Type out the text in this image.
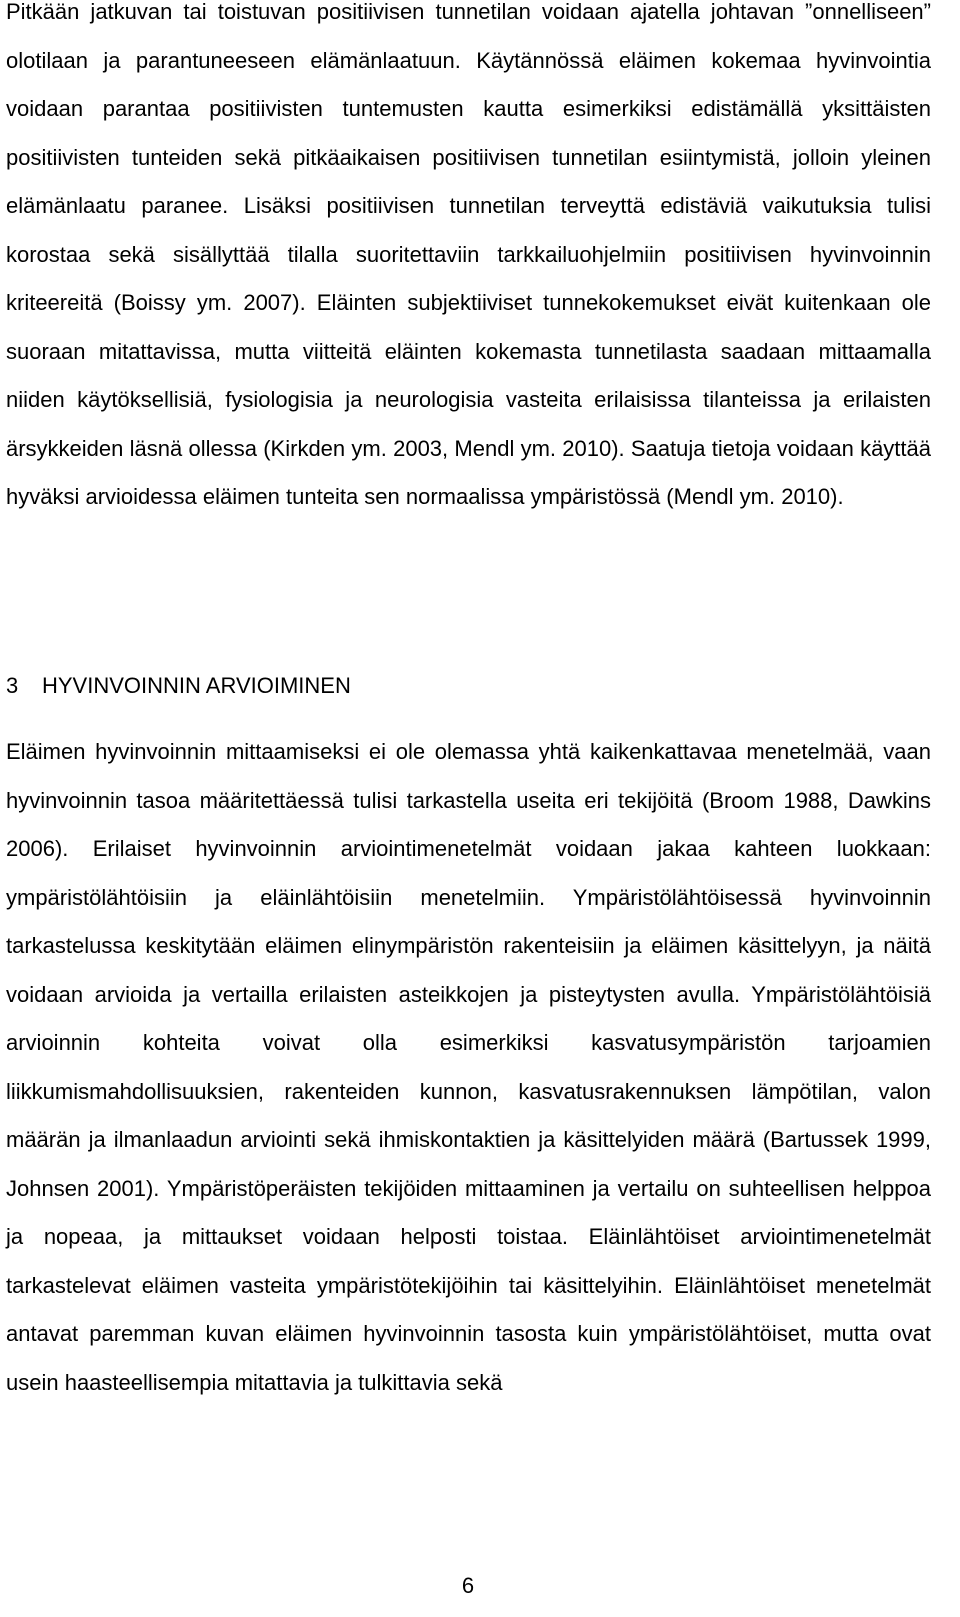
Pitkään jatkuvan tai toistuvan positiivisen tunnetilan voidaan ajatella johtavan ”onnelliseen” olotilaan ja parantuneeseen elämänlaatuun. Käytännössä eläimen kokemaa hyvinvointia voidaan parantaa positiivisten tuntemusten kautta esimerkiksi edistämällä yksittäisten positiivisten tunteiden sekä pitkäaikaisen positiivisen tunnetilan esiintymistä, jolloin yleinen elämänlaatu paranee. Lisäksi positiivisen tunnetilan terveyttä edistäviä vaikutuksia tulisi korostaa sekä sisällyttää tilalla suoritettaviin tarkkailuohjelmiin positiivisen hyvinvoinnin kriteereitä (Boissy ym. 2007). Eläinten subjektiiviset tunnekokemukset eivät kuitenkaan ole suoraan mitattavissa, mutta viitteitä eläinten kokemasta tunnetilasta saadaan mittaamalla niiden käytöksellisiä, fysiologisia ja neurologisia vasteita erilaisissa tilanteissa ja erilaisten ärsykkeiden läsnä ollessa (Kirkden ym. 2003, Mendl ym. 2010). Saatuja tietoja voidaan käyttää hyväksi arvioidessa eläimen tunteita sen normaalissa ympäristössä (Mendl ym. 2010).

3 HYVINVOINNIN ARVIOIMINEN

Eläimen hyvinvoinnin mittaamiseksi ei ole olemassa yhtä kaikenkattavaa menetelmää, vaan hyvinvoinnin tasoa määritettäessä tulisi tarkastella useita eri tekijöitä (Broom 1988, Dawkins 2006). Erilaiset hyvinvoinnin arviointimenetelmät voidaan jakaa kahteen luokkaan: ympäristölähtöisiin ja eläinlähtöisiin menetelmiin. Ympäristölähtöisessä hyvinvoinnin tarkastelussa keskitytään eläimen elinympäristön rakenteisiin ja eläimen käsittelyyn, ja näitä voidaan arvioida ja vertailla erilaisten asteikkojen ja pisteytysten avulla. Ympäristölähtöisiä arvioinnin kohteita voivat olla esimerkiksi kasvatusympäristön tarjoamien liikkumismahdollisuuksien, rakenteiden kunnon, kasvatusrakennuksen lämpötilan, valon määrän ja ilmanlaadun arviointi sekä ihmiskontaktien ja käsittelyiden määrä (Bartussek 1999, Johnsen 2001). Ympäristöperäisten tekijöiden mittaaminen ja vertailu on suhteellisen helppoa ja nopeaa, ja mittaukset voidaan helposti toistaa. Eläinlähtöiset arviointimenetelmät tarkastelevat eläimen vasteita ympäristötekijöihin tai käsittelyihin. Eläinlähtöiset menetelmät antavat paremman kuvan eläimen hyvinvoinnin tasosta kuin ympäristölähtöiset, mutta ovat usein haasteellisempia mitattavia ja tulkittavia sekä

6
